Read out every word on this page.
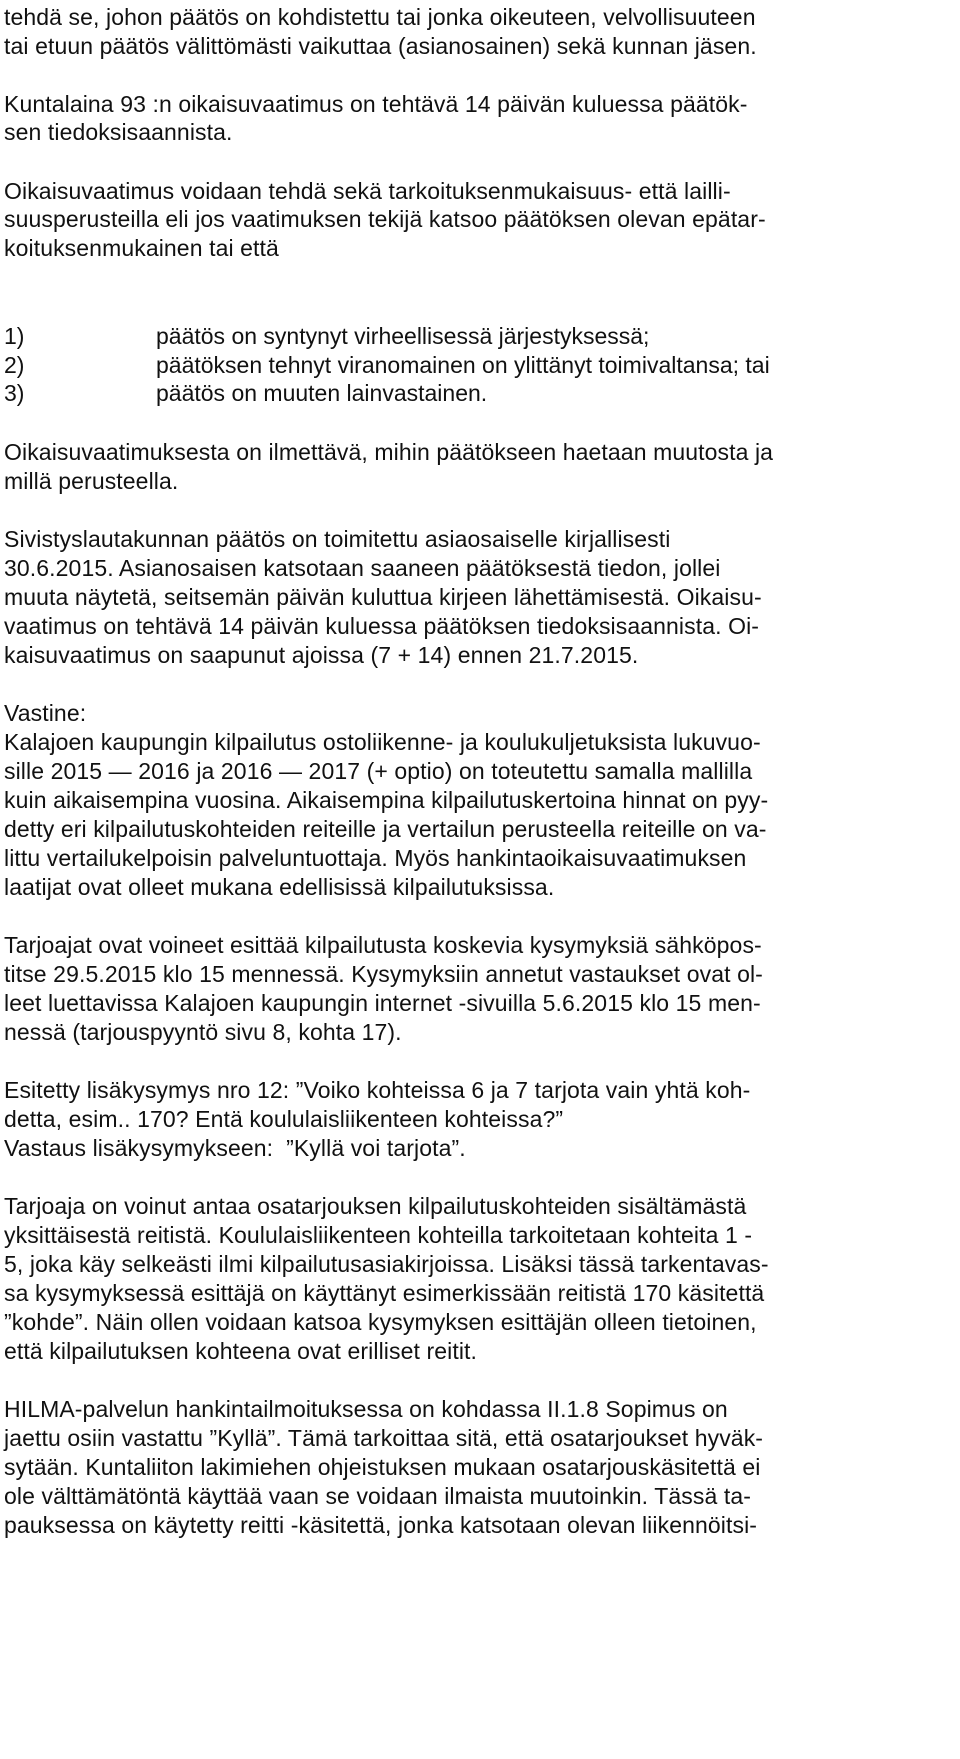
tehdä se, johon päätös on kohdistettu tai jonka oikeuteen, velvollisuuteen
tai etuun päätös välittömästi vaikuttaa (asianosainen) sekä kunnan jäsen.
Kuntalaina 93 :n oikaisuvaatimus on tehtävä 14 päivän kuluessa päätök-
sen tiedoksisaannista.
Oikaisuvaatimus voidaan tehdä sekä tarkoituksenmukaisuus- että lailli-
suusperusteilla eli jos vaatimuksen tekijä katsoo päätöksen olevan epätar-
koituksenmukainen tai että
1)	päätös on syntynyt virheellisessä järjestyksessä;
2)	päätöksen tehnyt viranomainen on ylittänyt toimivaltansa; tai
3)	päätös on muuten lainvastainen.
Oikaisuvaatimuksesta on ilmettävä, mihin päätökseen haetaan muutosta ja
millä perusteella.
Sivistyslautakunnan päätös on toimitettu asiaosaiselle kirjallisesti
30.6.2015. Asianosaisen katsotaan saaneen päätöksestä tiedon, jollei
muuta näytetä, seitsemän päivän kuluttua kirjeen lähettämisestä. Oikaisu-
vaatimus on tehtävä 14 päivän kuluessa päätöksen tiedoksisaannista. Oi-
kaisuvaatimus on saapunut ajoissa (7 + 14) ennen 21.7.2015.
Vastine:
Kalajoen kaupungin kilpailutus ostoliikenne- ja koulukuljetuksista lukuvuo-
sille 2015 — 2016 ja 2016 — 2017 (+ optio) on toteutettu samalla mallilla
kuin aikaisempina vuosina. Aikaisempina kilpailutuskertoina hinnat on pyy-
detty eri kilpailutuskohteiden reiteille ja vertailun perusteella reiteille on va-
littu vertailukelpoisin palveluntuottaja. Myös hankintaoikaisuvaatimuksen
laatijat ovat olleet mukana edellisissä kilpailutuksissa.
Tarjoajat ovat voineet esittää kilpailutusta koskevia kysymyksiä sähköpos-
titse 29.5.2015 klo 15 mennessä. Kysymyksiin annetut vastaukset ovat ol-
leet luettavissa Kalajoen kaupungin internet -sivuilla 5.6.2015 klo 15 men-
nessä (tarjouspyyntö sivu 8, kohta 17).
Esitetty lisäkysymys nro 12: ”Voiko kohteissa 6 ja 7 tarjota vain yhtä koh-
detta, esim.. 170? Entä koululaisliikenteen kohteissa?”
Vastaus lisäkysymykseen:  ”Kyllä voi tarjota”.
Tarjoaja on voinut antaa osatarjouksen kilpailutuskohteiden sisältämästä
yksittäisestä reitistä. Koululaisliikenteen kohteilla tarkoitetaan kohteita 1 -
5, joka käy selkeästi ilmi kilpailutusasiakirjoissa. Lisäksi tässä tarkentavas-
sa kysymyksessä esittäjä on käyttänyt esimerkissään reitistä 170 käsitettä
”kohde”. Näin ollen voidaan katsoa kysymyksen esittäjän olleen tietoinen,
että kilpailutuksen kohteena ovat erilliset reitit.
HILMA-palvelun hankintailmoituksessa on kohdassa II.1.8 Sopimus on
jaettu osiin vastattu ”Kyllä”. Tämä tarkoittaa sitä, että osatarjoukset hyväk-
sytään. Kuntaliiton lakimiehen ohjeistuksen mukaan osatarjouskäsitettä ei
ole välttämätöntä käyttää vaan se voidaan ilmaista muutoinkin. Tässä ta-
pauksessa on käytetty reitti -käsitettä, jonka katsotaan olevan liikennöitsi-
